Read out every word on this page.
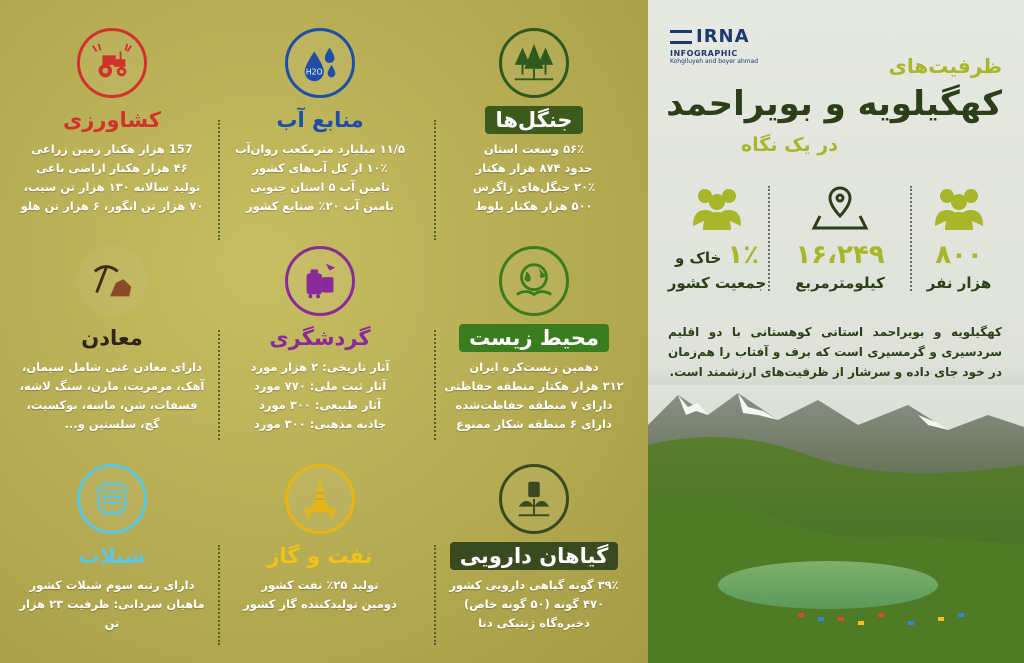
جنگل‌ها
۵۶٪ وسعت استان
حدود ۸۷۴ هزار هکتار
۲۰٪ جنگل‌های زاگرس
۵۰۰ هزار هکتار بلوط
H2O
منابع آب
۱۱/۵ میلیارد مترمکعب روان‌آب
۱۰٪ از کل آب‌های کشور
تامین آب ۵ استان جنوبی
تامین آب ۲۰٪ صنایع کشور
کشاورزی
157 هزار هکتار زمین زراعی
۴۶ هزار هکتار اراضی باغی
تولید سالانه ۱۳۰ هزار تن سیب،
۷۰ هزار تن انگور، ۶ هزار تن هلو
محیط زیست
دهمین زیست‌کره ایران
۳۱۲ هزار هکتار منطقه حفاظتی
دارای ۷ منطقه حفاظت‌شده
دارای ۶ منطقه شکار ممنوع
گردشگری
آثار تاریخی: ۲ هزار مورد
آثار ثبت ملی: ۷۷۰ مورد
آثار طبیعی: ۳۰۰ مورد
جاذبه مذهبی: ۳۰۰ مورد
معادن
دارای معادن غنی شامل سیمان،
آهک، مرمریت، مارن، سنگ لاشه،
فسفات، شن، ماسه، بوکسیت،
گچ، سلستین و...
گیاهان دارویی
۳۹٪ گونه گیاهی دارویی کشور
۴۷۰ گونه (۵۰ گونه خاص)
ذخیره‌گاه ژنتیکی دنا
نفت و گاز
تولید ۲۵٪ نفت کشور
دومین تولیدکننده گاز کشور
شیلات
دارای رتبه سوم شیلات کشور
ماهیان سردابی: ظرفیت ۲۳ هزار تن
IRNA
INFOGRAPHIC
Kohgiluyeh and boyer ahmad	ظرفیت‌های
کهگیلویه و بویراحمد
در یک نگاه
۸۰۰
هزار نفر
۱۶،۲۴۹
کیلومترمربع
۱٪
خاک و
جمعیت کشور
کهگیلویه و بویراحمد استانی کوهستانی با دو اقلیم سردسیری و گرمسیری است که برف و آفتاب را هم‌زمان در خود جای داده و سرشار از ظرفیت‌های ارزشمند است.
